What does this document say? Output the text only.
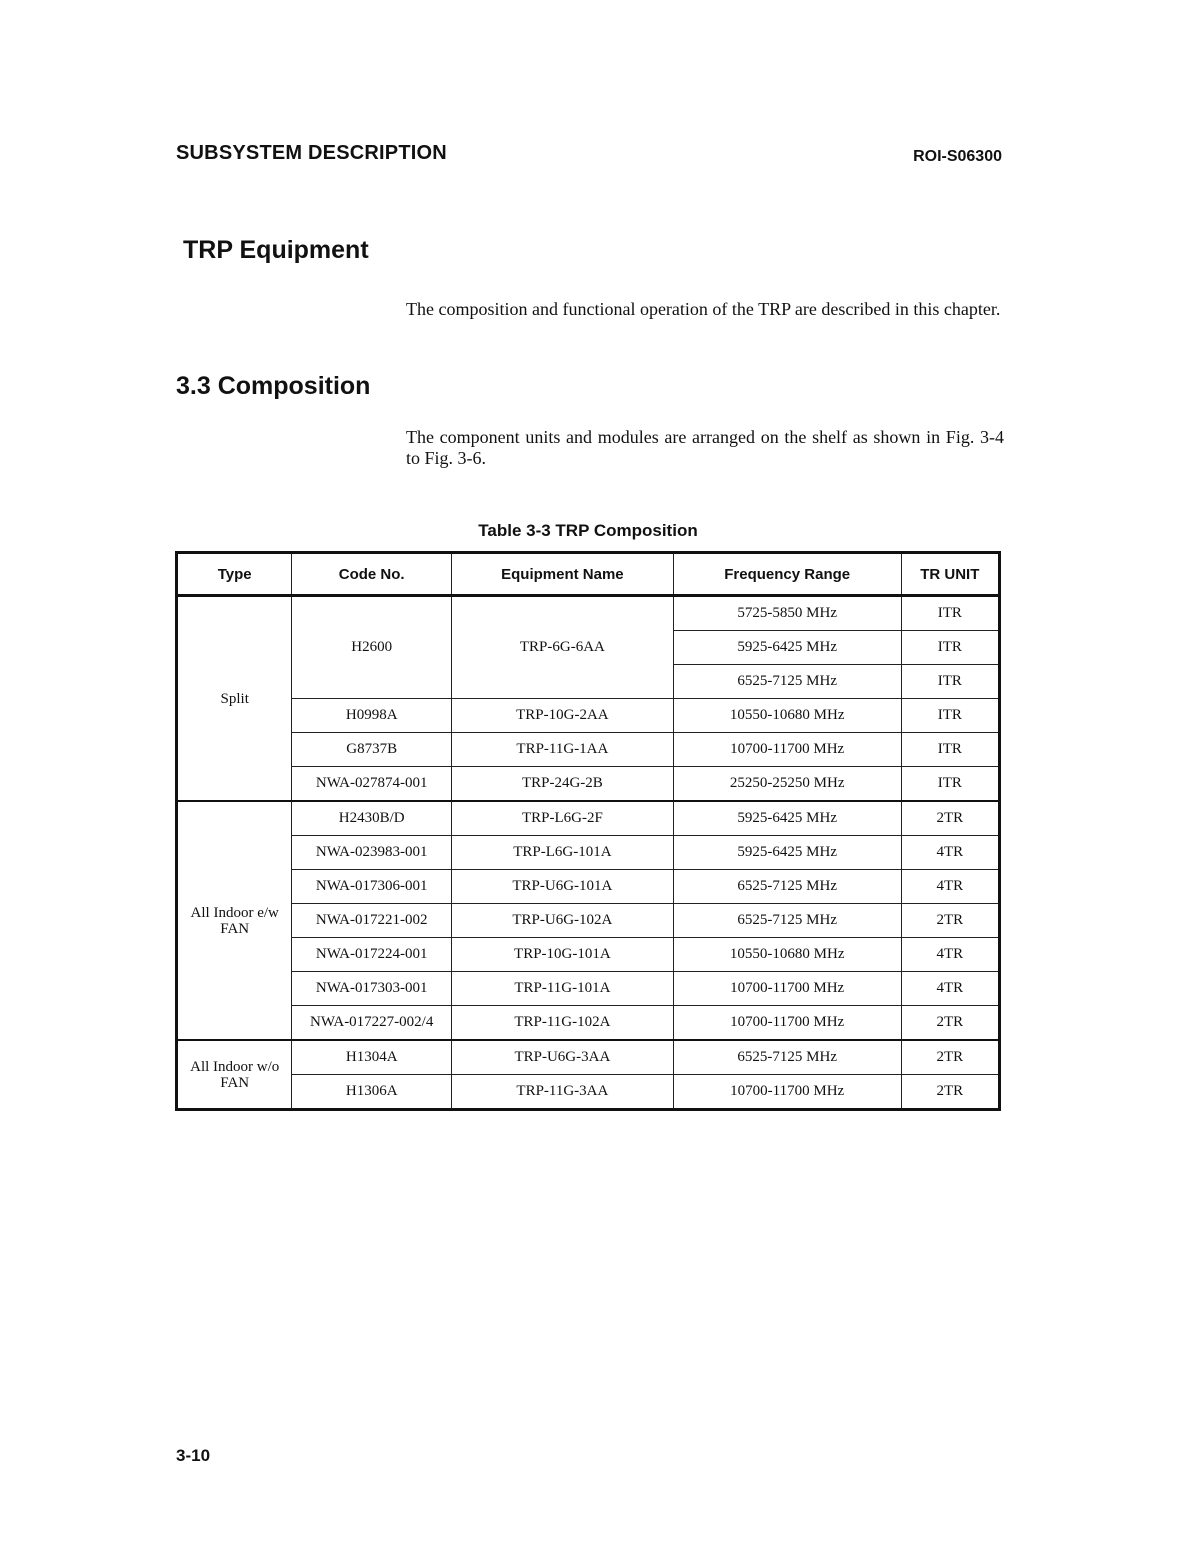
SUBSYSTEM DESCRIPTION	ROI-S06300
TRP Equipment
The composition and functional operation of the TRP are described in this chapter.
3.3 Composition
The component units and modules are arranged on the shelf as shown in Fig. 3-4 to Fig. 3-6.
Table 3-3 TRP Composition
Type	Code No.	Equipment Name	Frequency Range	TR UNIT
Split	H2600	TRP-6G-6AA	5725-5850 MHz	ITR
			5925-6425 MHz	ITR
			6525-7125 MHz	ITR
	H0998A	TRP-10G-2AA	10550-10680 MHz	ITR
	G8737B	TRP-11G-1AA	10700-11700 MHz	ITR
	NWA-027874-001	TRP-24G-2B	25250-25250 MHz	ITR
All Indoor e/w FAN	H2430B/D	TRP-L6G-2F	5925-6425 MHz	2TR
	NWA-023983-001	TRP-L6G-101A	5925-6425 MHz	4TR
	NWA-017306-001	TRP-U6G-101A	6525-7125 MHz	4TR
	NWA-017221-002	TRP-U6G-102A	6525-7125 MHz	2TR
	NWA-017224-001	TRP-10G-101A	10550-10680 MHz	4TR
	NWA-017303-001	TRP-11G-101A	10700-11700 MHz	4TR
	NWA-017227-002/4	TRP-11G-102A	10700-11700 MHz	2TR
All Indoor w/o FAN	H1304A	TRP-U6G-3AA	6525-7125 MHz	2TR
	H1306A	TRP-11G-3AA	10700-11700 MHz	2TR
3-10
